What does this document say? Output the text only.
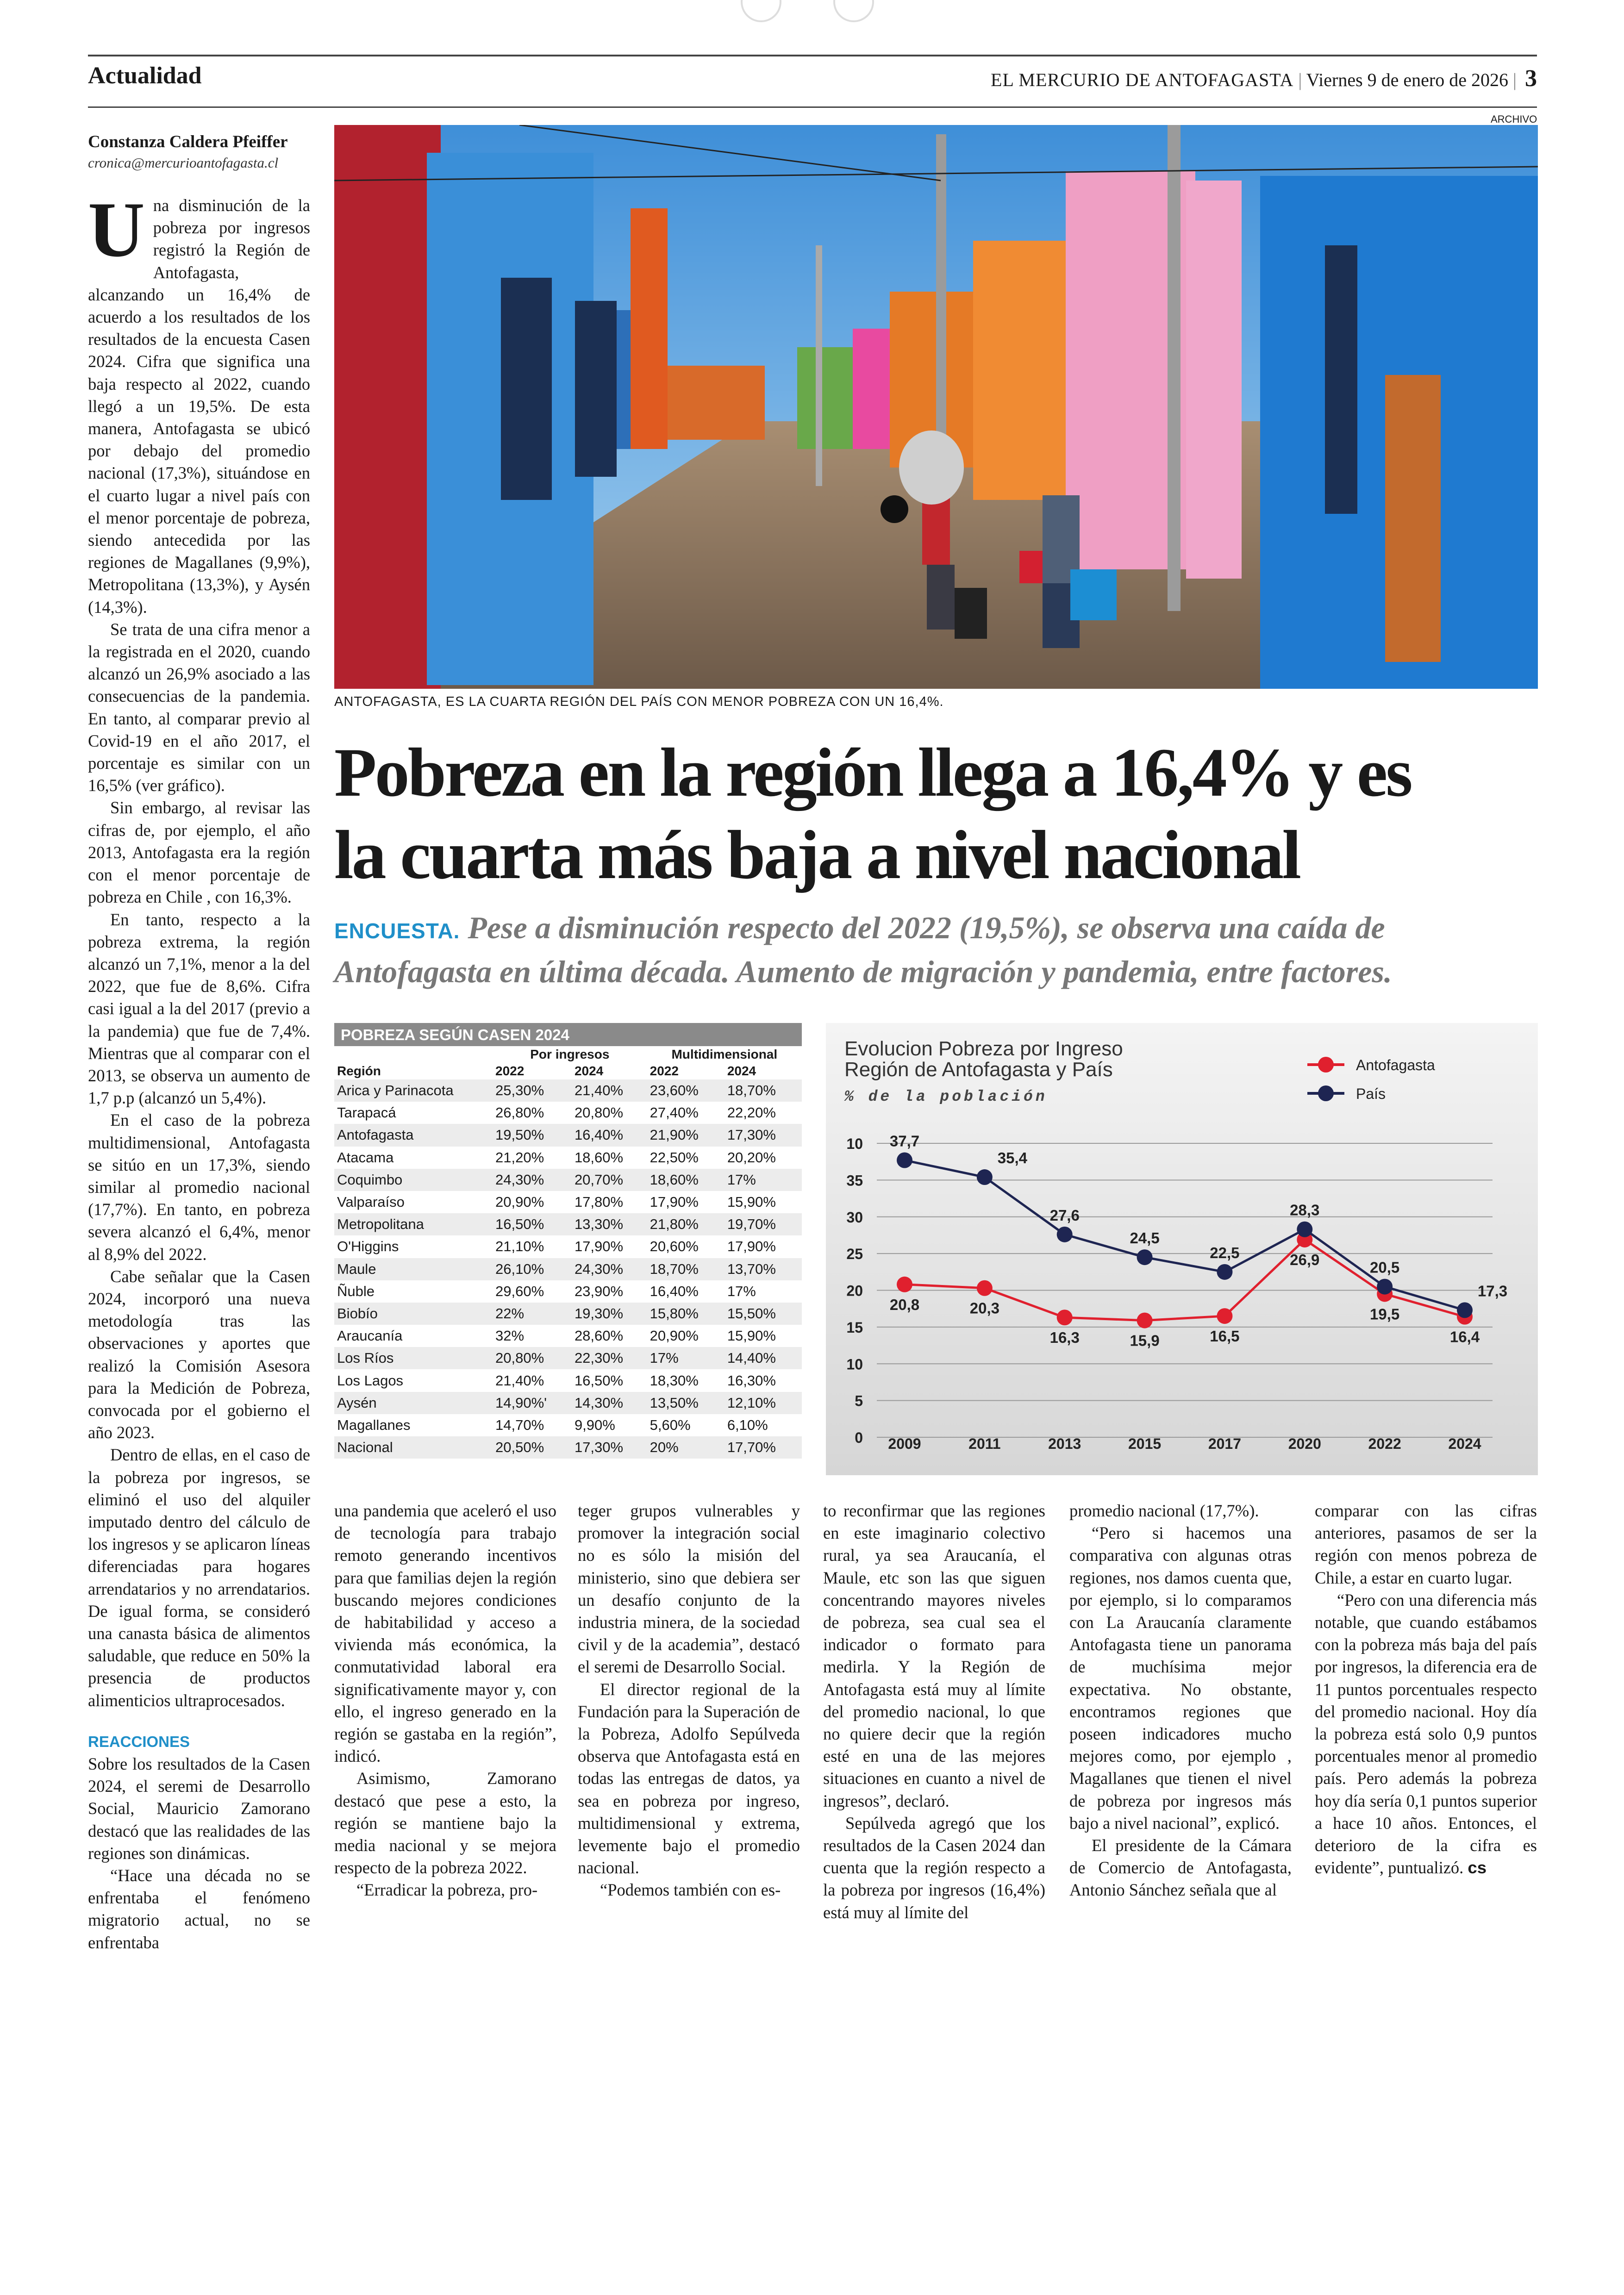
Actualidad	EL MERCURIO DE ANTOFAGASTA | Viernes 9 de enero de 2026 | 3
ARCHIVO
ANTOFAGASTA, ES LA CUARTA REGIÓN DEL PAÍS CON MENOR POBREZA CON UN 16,4%.
Constanza Caldera Pfeiffer
cronica@mercurioantofagasta.cl

Una disminución de la pobreza por ingresos registró la Región de Antofagasta, alcanzando un 16,4% de acuerdo a los resultados de los resultados de la encuesta Casen 2024. Cifra que significa una baja respecto al 2022, cuando llegó a un 19,5%. De esta manera, Antofagasta se ubicó por debajo del promedio nacional (17,3%), situándose en el cuarto lugar a nivel país con el menor porcentaje de pobreza, siendo antecedida por las regiones de Magallanes (9,9%), Metropolitana (13,3%), y Aysén (14,3%).

Se trata de una cifra menor a la registrada en el 2020, cuando alcanzó un 26,9% asociado a las consecuencias de la pandemia. En tanto, al comparar previo al Covid-19 en el año 2017, el porcentaje es similar con un 16,5% (ver gráfico).

Sin embargo, al revisar las cifras de, por ejemplo, el año 2013, Antofagasta era la región con el menor porcentaje de pobreza en Chile , con 16,3%.

En tanto, respecto a la pobreza extrema, la región alcanzó un 7,1%, menor a la del 2022, que fue de 8,6%. Cifra casi igual a la del 2017 (previo a la pandemia) que fue de 7,4%. Mientras que al comparar con el 2013, se observa un aumento de 1,7 p.p (alcanzó un 5,4%).

En el caso de la pobreza multidimensional, Antofagasta se sitúo en un 17,3%, siendo similar al promedio nacional (17,7%). En tanto, en pobreza severa alcanzó el 6,4%, menor al 8,9% del 2022.

Cabe señalar que la Casen 2024, incorporó una nueva metodología tras las observaciones y aportes que realizó la Comisión Asesora para la Medición de Pobreza, convocada por el gobierno el año 2023.

Dentro de ellas, en el caso de la pobreza por ingresos, se eliminó el uso del alquiler imputado dentro del cálculo de los ingresos y se aplicaron líneas diferenciadas para hogares arrendatarios y no arrendatarios. De igual forma, se consideró una canasta básica de alimentos saludable, que reduce en 50% la presencia de productos alimenticios ultraprocesados.

REACCIONES

Sobre los resultados de la Casen 2024, el seremi de Desarrollo Social, Mauricio Zamorano destacó que las realidades de las regiones son dinámicas.

“Hace una década no se enfrentaba el fenómeno migratorio actual, no se enfrentaba

Pobreza en la región llega a 16,4% y es
la cuarta más baja a nivel nacional
ENCUESTA. Pese a disminución respecto del 2022 (19,5%), se observa una caída de Antofagasta en última década. Aumento de migración y pandemia, entre factores.
POBREZA SEGÚN CASEN 2024
	Por ingresos		Multidimensional	
Región	2022	2024	2022	2024
Arica y Parinacota	25,30%	21,40%	23,60%	18,70%
Tarapacá	26,80%	20,80%	27,40%	22,20%
Antofagasta	19,50%	16,40%	21,90%	17,30%
Atacama	21,20%	18,60%	22,50%	20,20%
Coquimbo	24,30%	20,70%	18,60%	17%
Valparaíso	20,90%	17,80%	17,90%	15,90%
Metropolitana	16,50%	13,30%	21,80%	19,70%
O'Higgins	21,10%	17,90%	20,60%	17,90%
Maule	26,10%	24,30%	18,70%	13,70%
Ñuble	29,60%	23,90%	16,40%	17%
Biobío	22%	19,30%	15,80%	15,50%
Araucanía	32%	28,60%	20,90%	15,90%
Los Ríos	20,80%	22,30%	17%	14,40%
Los Lagos	21,40%	16,50%	18,30%	16,30%
Aysén	14,90%'	14,30%	13,50%	12,10%
Magallanes	14,70%	9,90%	5,60%	6,10%
Nacional	20,50%	17,30%	20%	17,70%
Evolucion Pobreza por Ingreso
Región de Antofagasta y País
% de la población
Antofagasta
País
0
5
10
15
20
25
30
35
10
2009	2011	2013	2015	2017	2020	2022	2024
20,8	20,3
16,3	15,9	16,5
26,9
19,5
16,4
37,7
35,4
27,6
24,5
22,5
28,3
20,5
17,3

una pandemia que aceleró el uso de tecnología para trabajo remoto generando incentivos para que familias dejen la región buscando mejores condiciones de habitabilidad y acceso a vivienda más económica, la conmutatividad laboral era significativamente mayor y, con ello, el ingreso generado en la región se gastaba en la región”, indicó.

Asimismo, Zamorano destacó que pese a esto, la región se mantiene bajo la media nacional y se mejora respecto de la pobreza 2022.

“Erradicar la pobreza, pro-

teger grupos vulnerables y promover la integración social no es sólo la misión del ministerio, sino que debiera ser un desafío conjunto de la industria minera, de la sociedad civil y de la academia”, destacó el seremi de Desarrollo Social.

El director regional de la Fundación para la Superación de la Pobreza, Adolfo Sepúlveda observa que Antofagasta está en todas las entregas de datos, ya sea en pobreza por ingreso, multidimensional y extrema, levemente bajo el promedio nacional.

“Podemos también con es-

to reconfirmar que las regiones en este imaginario colectivo rural, ya sea Araucanía, el Maule, etc son las que siguen concentrando mayores niveles de pobreza, sea cual sea el indicador o formato para medirla. Y la Región de Antofagasta está muy al límite del promedio nacional, lo que no quiere decir que la región esté en una de las mejores situaciones en cuanto a nivel de ingresos”, declaró.

Sepúlveda agregó que los resultados de la Casen 2024 dan cuenta que la región respecto a la pobreza por ingresos (16,4%) está muy al límite del

promedio nacional (17,7%).

“Pero si hacemos una comparativa con algunas otras regiones, nos damos cuenta que, por ejemplo, si lo comparamos con La Araucanía claramente Antofagasta tiene un panorama de muchísima mejor expectativa. No obstante, encontramos regiones que poseen indicadores mucho mejores como, por ejemplo , Magallanes que tienen el nivel de pobreza por ingresos más bajo a nivel nacional”, explicó.

El presidente de la Cámara de Comercio de Antofagasta, Antonio Sánchez señala que al

comparar con las cifras anteriores, pasamos de ser la región con menos pobreza de Chile, a estar en cuarto lugar.

“Pero con una diferencia más notable, que cuando estábamos con la pobreza más baja del país por ingresos, la diferencia era de 11 puntos porcentuales respecto del promedio nacional. Hoy día la pobreza está solo 0,9 puntos porcentuales menor al promedio país. Pero además la pobreza hoy día sería 0,1 puntos superior a hace 10 años. Entonces, el deterioro de la cifra es evidente”, puntualizó. cs
